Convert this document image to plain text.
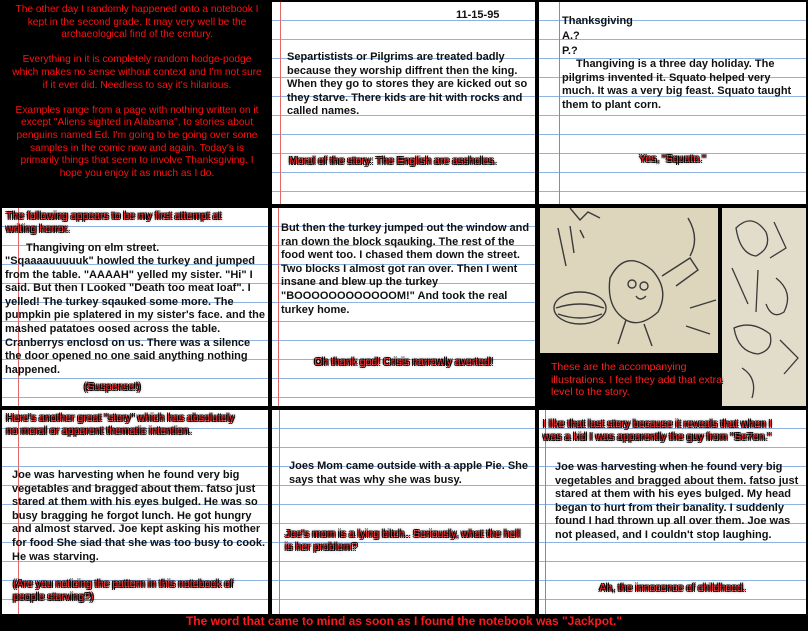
The other day I randomly happened onto a notebook I kept in the second grade. It may very well be the archaeological find of the century.

Everything in it is completely random hodge-podge which makes no sense without context and I'm not sure if it ever did. Needless to say it's hilarious.

Examples range from a page with nothing written on it except "Aliens sighted in Alabama", to stories about penguins named Ed. I'm going to be going over some samples in the comic now and again. Today's is primarily things that seem to involve Thanksgiving. I hope you enjoy it as much as I do.

11-15-95
Separtistists or Pilgrims are treated badly because they worship diffrent then the king. When they go to stores they are kicked out so they starve. There kids are hit with rocks and called names.
Moral of the story: The English are assholes.
Thanksgiving
A.?
P.?
Thangiving is a three day holiday. The pilgrims invented it. Squato helped very much. It was a very big feast. Squato taught them to plant corn.
Yes, "Squato."
The following appears to be my first attempt at writing horror.
Thangiving on elm street.
"Sqaaaauuuuuk" howled the turkey and jumped from the table. "AAAAH" yelled my sister. "Hi" I said. But then I Looked "Death too meat loaf". I yelled! The turkey sqauked some more. The pumpkin pie splatered in my sister's face. and the mashed patatoes oosed across the table. Cranberrys enclosd on us. There was a silence the door opened no one said anything nothing happened.
(Suspense!)
But then the turkey jumped out the window and ran down the block sqauking. The rest of the food went too. I chased them down the street. Two blocks I almost got ran over. Then I went insane and blew up the turkey "BOOOOOOOOOOOOM!" And took the real turkey home.
Oh thank god! Crisis narrowly averted!	These are the accompanying illustrations. I feel they add that extra level to the story.
Here's another great "story" which has absolutely no moral or apparent thematic intention.
Joe was harvesting when he found very big vegetables and bragged about them. fatso just stared at them with his eyes bulged. He was so busy bragging he forgot lunch. He got hungry and almost starved. Joe kept asking his mother for food She siad that she was too busy to cook. He was starving.
(Are you noticing the pattern in this notebook of people starving?)
Joes Mom came outside with a apple Pie. She says that was why she was busy.
Joe's mom is a lying bitch.. Seriously, what the hell is her problem?
I like that last story because it reveals that when I was a kid I was apparently the guy from "Se7en."
Joe was harvesting when he found very big vegetables and bragged about them. fatso just stared at them with his eyes bulged. My head began to hurt from their banality. I suddenly found I had thrown up all over them. Joe was not pleased, and I couldn't stop laughing.
Ah, the innocence of childhood.
The word that came to mind as soon as I found the notebook was "Jackpot."
